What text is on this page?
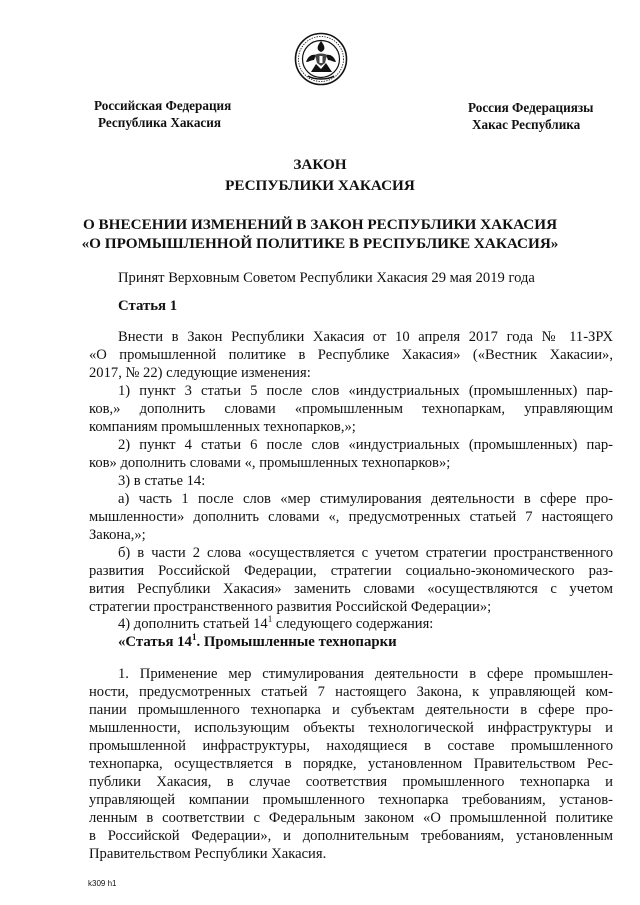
Российская Федерация
Республика Хакасия
Россия Федерациязы
Хакас Республика
ЗАКОН
РЕСПУБЛИКИ ХАКАСИЯ
О ВНЕСЕНИИ ИЗМЕНЕНИЙ В ЗАКОН РЕСПУБЛИКИ ХАКАСИЯ
«О ПРОМЫШЛЕННОЙ ПОЛИТИКЕ В РЕСПУБЛИКЕ ХАКАСИЯ»
Принят Верховным Советом Республики Хакасия 29 мая 2019 года
Статья 1
Внести в Закон Республики Хакасия от 10 апреля 2017 года № 11-ЗРХ
«О промышленной политике в Республике Хакасия» («Вестник Хакасии»,
2017, № 22) следующие изменения:
1) пункт 3 статьи 5 после слов «индустриальных (промышленных) пар-
ков,» дополнить словами «промышленным технопаркам, управляющим
компаниям промышленных технопарков,»;
2) пункт 4 статьи 6 после слов «индустриальных (промышленных) пар-
ков» дополнить словами «, промышленных технопарков»;
3) в статье 14:
а) часть 1 после слов «мер стимулирования деятельности в сфере про-
мышленности» дополнить словами «, предусмотренных статьей 7 настоящего
Закона,»;
б) в части 2 слова «осуществляется с учетом стратегии пространственного
развития Российской Федерации, стратегии социально-экономического раз-
вития Республики Хакасия» заменить словами «осуществляются с учетом
стратегии пространственного развития Российской Федерации»;
4) дополнить статьей $14^1$ следующего содержания:
«Статья $14^1$. Промышленные технопарки
1. Применение мер стимулирования деятельности в сфере промышлен-
ности, предусмотренных статьей 7 настоящего Закона, к управляющей ком-
пании промышленного технопарка и субъектам деятельности в сфере про-
мышленности, использующим объекты технологической инфраструктуры и
промышленной инфраструктуры, находящиеся в составе промышленного
технопарка, осуществляется в порядке, установленном Правительством Рес-
публики Хакасия, в случае соответствия промышленного технопарка и
управляющей компании промышленного технопарка требованиям, установ-
ленным в соответствии с Федеральным законом «О промышленной политике
в Российской Федерации», и дополнительным требованиям, установленным
Правительством Республики Хакасия.
k309 h1
